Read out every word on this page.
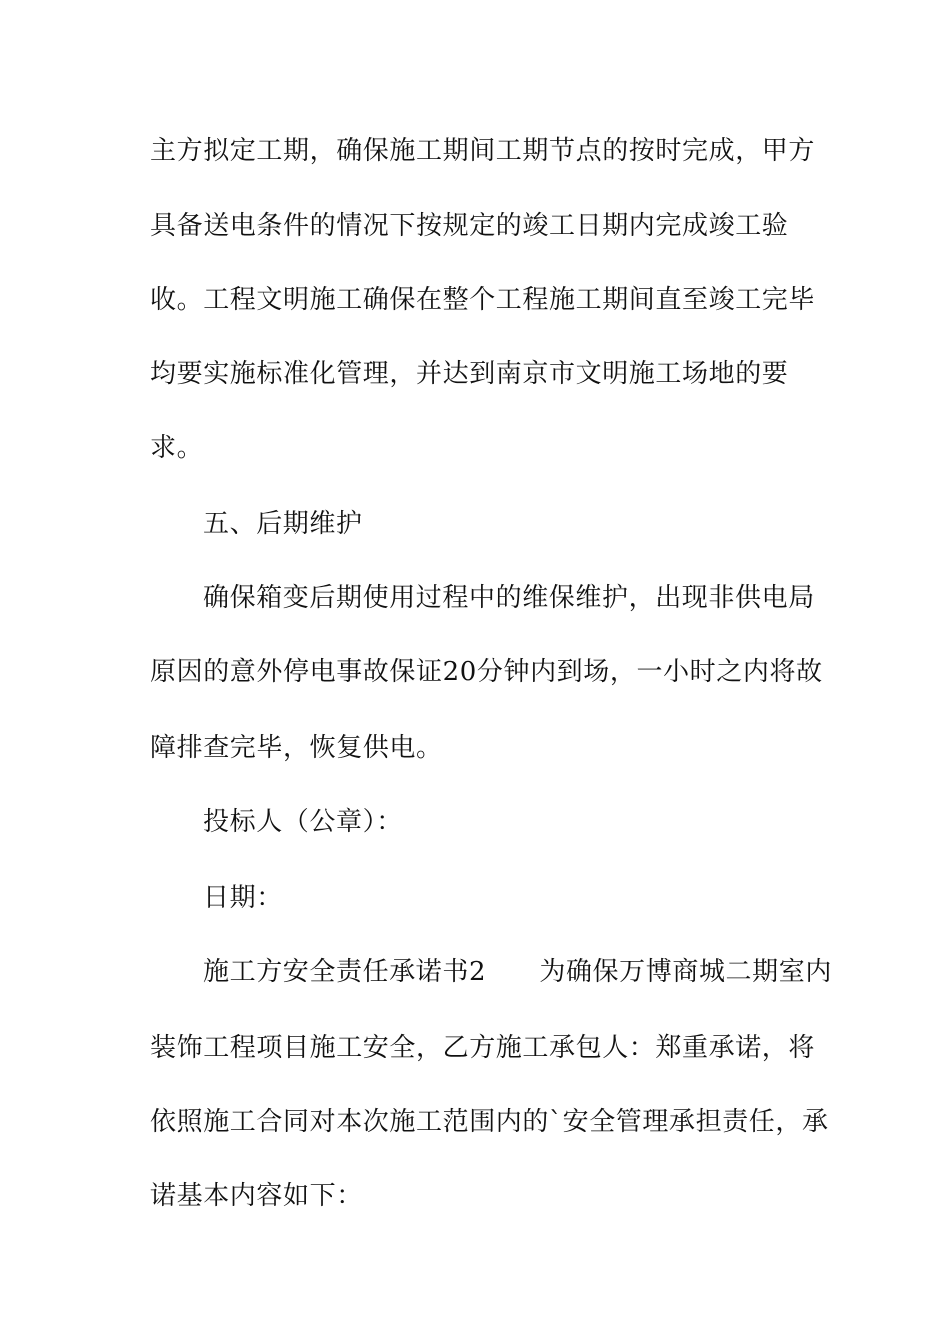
主方拟定工期，确保施工期间工期节点的按时完成，甲方
具备送电条件的情况下按规定的竣工日期内完成竣工验
收。工程文明施工确保在整个工程施工期间直至竣工完毕
均要实施标准化管理，并达到南京市文明施工场地的要
求。
五、后期维护
确保箱变后期使用过程中的维保维护，出现非供电局
原因的意外停电事故保证20分钟内到场，一小时之内将故
障排查完毕，恢复供电。
投标人（公章）：
日期：
施工方安全责任承诺书2　　为确保万博商城二期室内
装饰工程项目施工安全，乙方施工承包人：郑重承诺，将
依照施工合同对本次施工范围内的`安全管理承担责任，承
诺基本内容如下：
